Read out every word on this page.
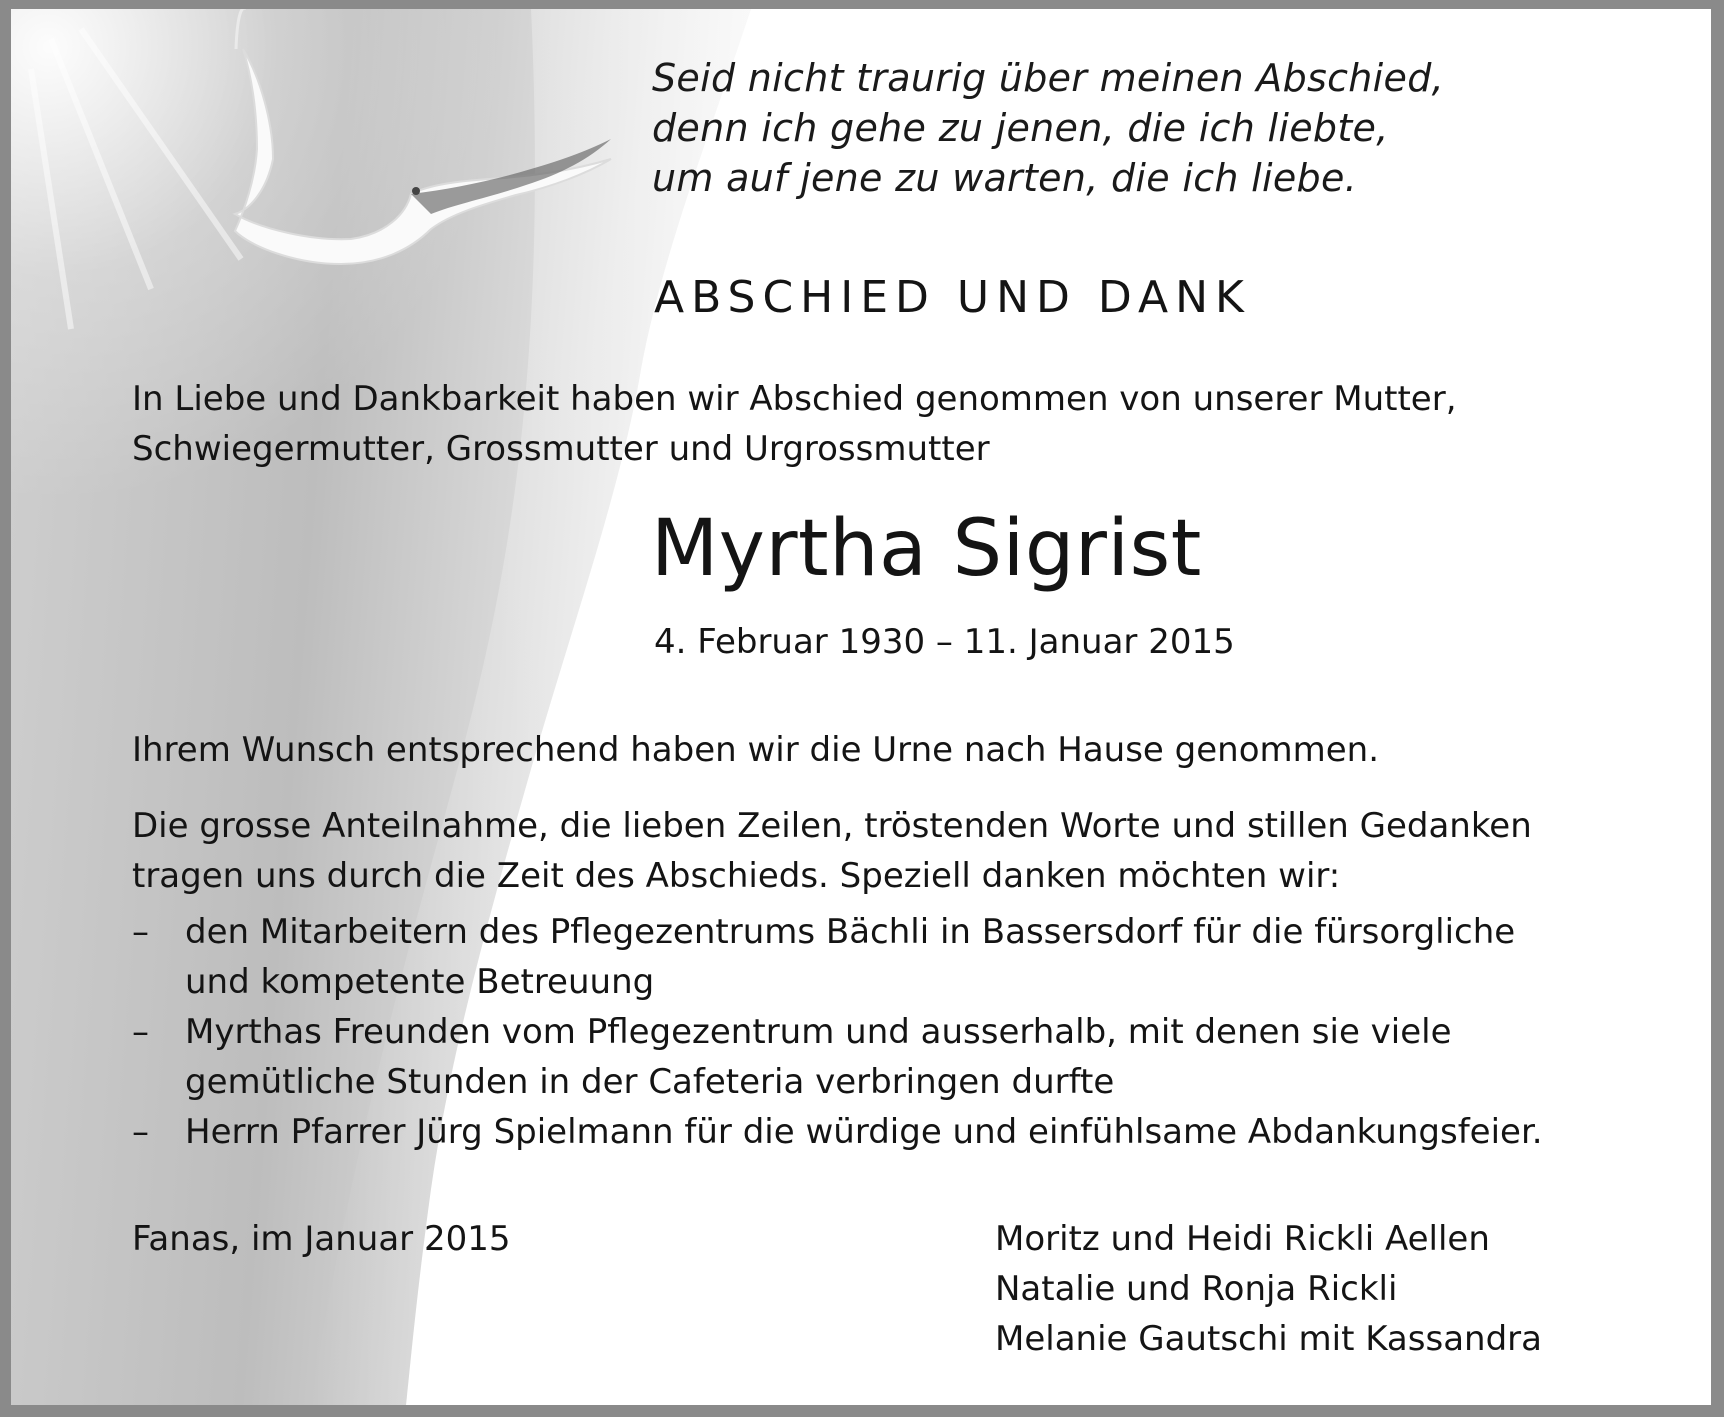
Seid nicht traurig über meinen Abschied,
denn ich gehe zu jenen, die ich liebte,
um auf jene zu warten, die ich liebe.
ABSCHIED UND DANK
In Liebe und Dankbarkeit haben wir Abschied genommen von unserer Mutter,
Schwiegermutter, Grossmutter und Urgrossmutter
Myrtha Sigrist
4. Februar 1930 – 11. Januar 2015
Ihrem Wunsch entsprechend haben wir die Urne nach Hause genommen.
Die grosse Anteilnahme, die lieben Zeilen, tröstenden Worte und stillen Gedanken
tragen uns durch die Zeit des Abschieds. Speziell danken möchten wir:
– den Mitarbeitern des Pflegezentrums Bächli in Bassersdorf für die fürsorgliche
und kompetente Betreuung
– Myrthas Freunden vom Pflegezentrum und ausserhalb, mit denen sie viele
gemütliche Stunden in der Cafeteria verbringen durfte
– Herrn Pfarrer Jürg Spielmann für die würdige und einfühlsame Abdankungsfeier.
Fanas, im Januar 2015	Moritz und Heidi Rickli Aellen
Natalie und Ronja Rickli
Melanie Gautschi mit Kassandra
